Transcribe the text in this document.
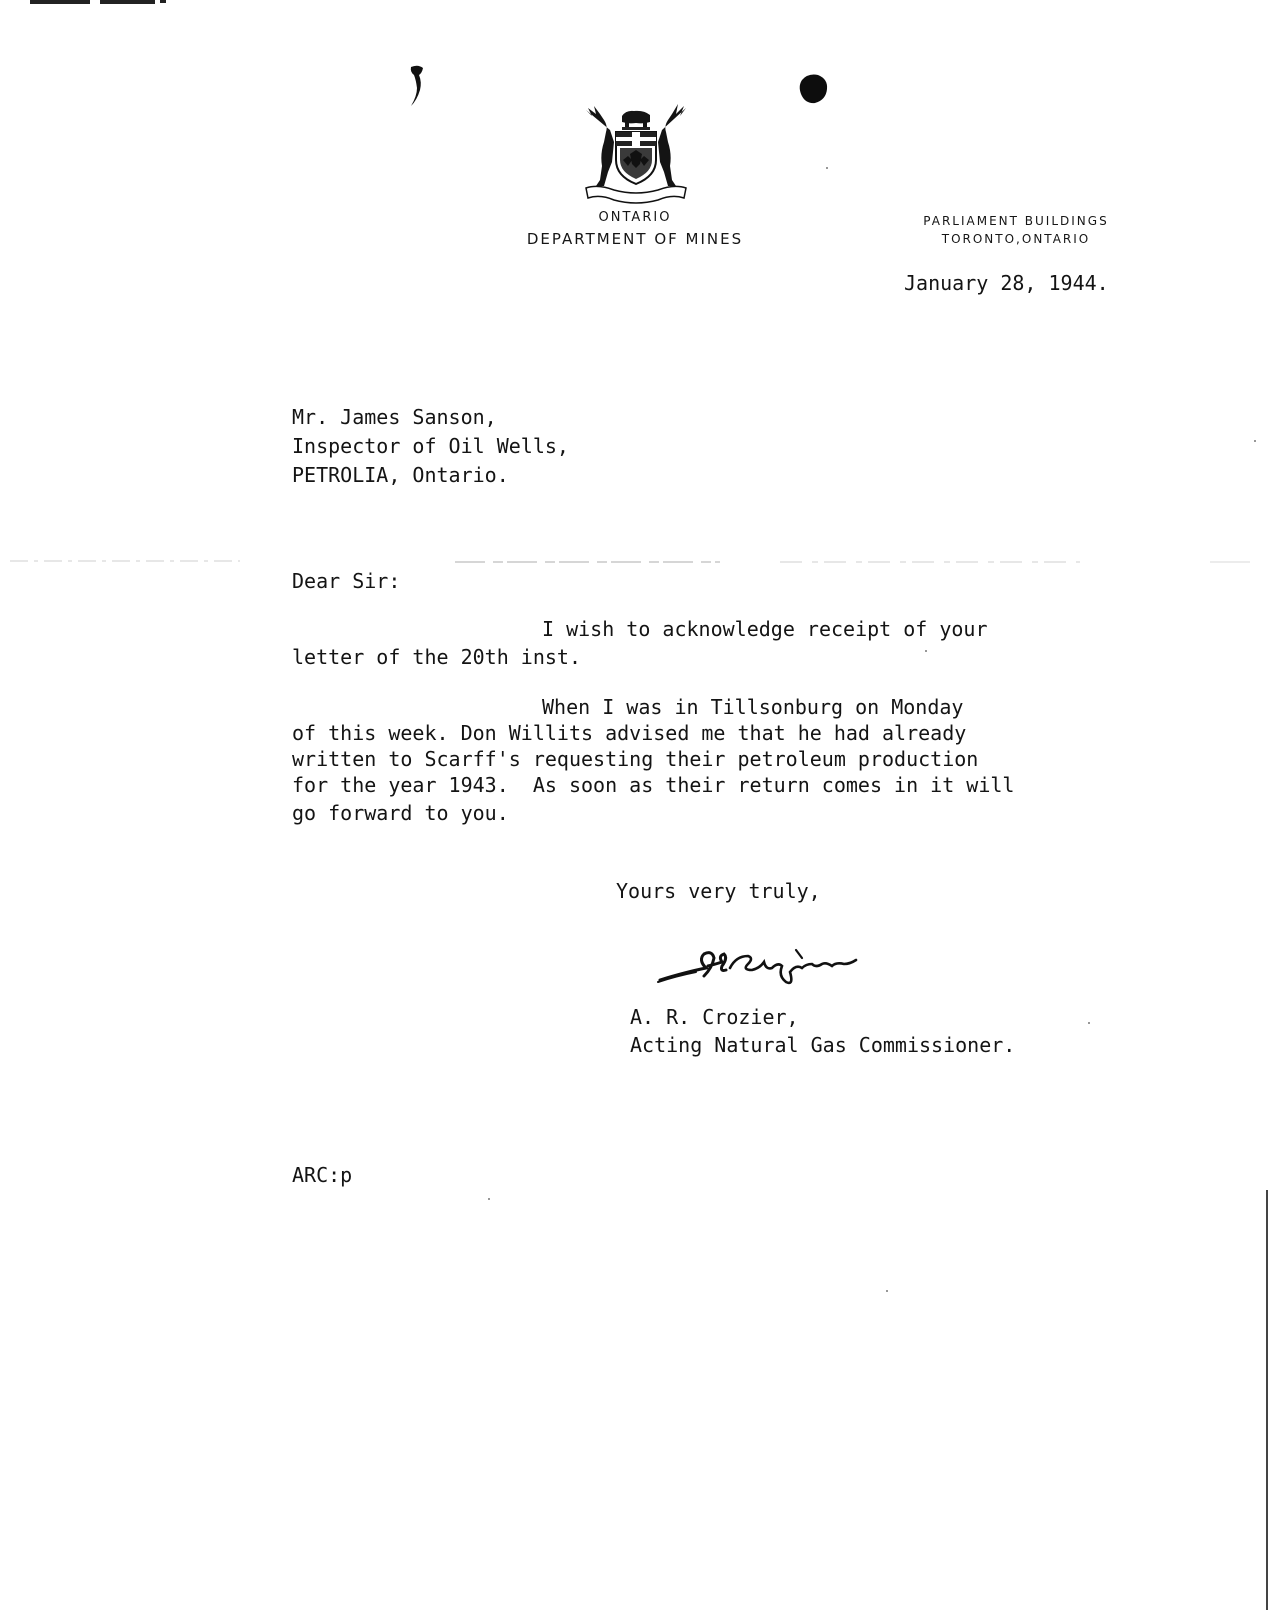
ONTARIO
DEPARTMENT OF MINES
PARLIAMENT BUILDINGS
TORONTO,ONTARIO

January 28, 1944.

Mr. James Sanson,

Inspector of Oil Wells,

PETROLIA, Ontario.

Dear Sir:

I wish to acknowledge receipt of your

letter of the 20th inst.

When I was in Tillsonburg on Monday

of this week. Don Willits advised me that he had already

written to Scarff's requesting their petroleum production

for the year 1943.  As soon as their return comes in it will

go forward to you.

Yours very truly,

A. R. Crozier,

Acting Natural Gas Commissioner.

ARC:p
